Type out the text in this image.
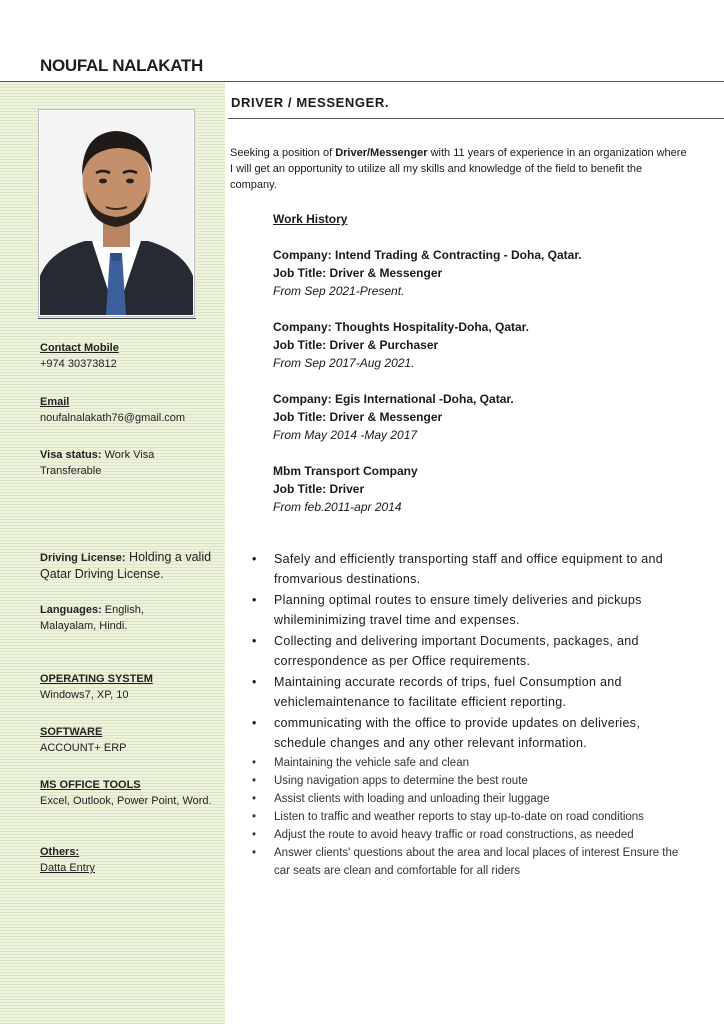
NOUFAL NALAKATH
DRIVER / MESSENGER.
Contact Mobile
+974 30373812
Email
noufalnalakath76@gmail.com
Visa status: Work Visa Transferable
Driving License: Holding a valid Qatar Driving License.
Languages: English, Malayalam, Hindi.
OPERATING SYSTEM
Windows7, XP, 10
SOFTWARE
ACCOUNT+ ERP
MS OFFICE TOOLS
Excel, Outlook, Power Point, Word.
Others:
Datta Entry
Seeking a position of Driver/Messenger with 11 years of experience in an organization where I will get an opportunity to utilize all my skills and knowledge of the field to benefit the company.
Work History
Company: Intend Trading & Contracting - Doha, Qatar.
Job Title: Driver & Messenger
From Sep 2021-Present.
Company: Thoughts Hospitality-Doha, Qatar.
Job Title: Driver & Purchaser
From Sep 2017-Aug 2021.
Company: Egis International -Doha, Qatar.
Job Title: Driver & Messenger
From May 2014 -May 2017
Mbm Transport Company
Job Title: Driver
From feb.2011-apr 2014
• Safely and efficiently transporting staff and office equipment to and fromvarious destinations.
• Planning optimal routes to ensure timely deliveries and pickups whileminimizing travel time and expenses.
• Collecting and delivering important Documents, packages, and correspondence as per Office requirements.
• Maintaining accurate records of trips, fuel Consumption and vehiclemaintenance to facilitate efficient reporting.
• communicating with the office to provide updates on deliveries, schedule changes and any other relevant information.
• Maintaining the vehicle safe and clean
• Using navigation apps to determine the best route
• Assist clients with loading and unloading their luggage
• Listen to traffic and weather reports to stay up-to-date on road conditions
• Adjust the route to avoid heavy traffic or road constructions, as needed
• Answer clients' questions about the area and local places of interest Ensure the car seats are clean and comfortable for all riders
